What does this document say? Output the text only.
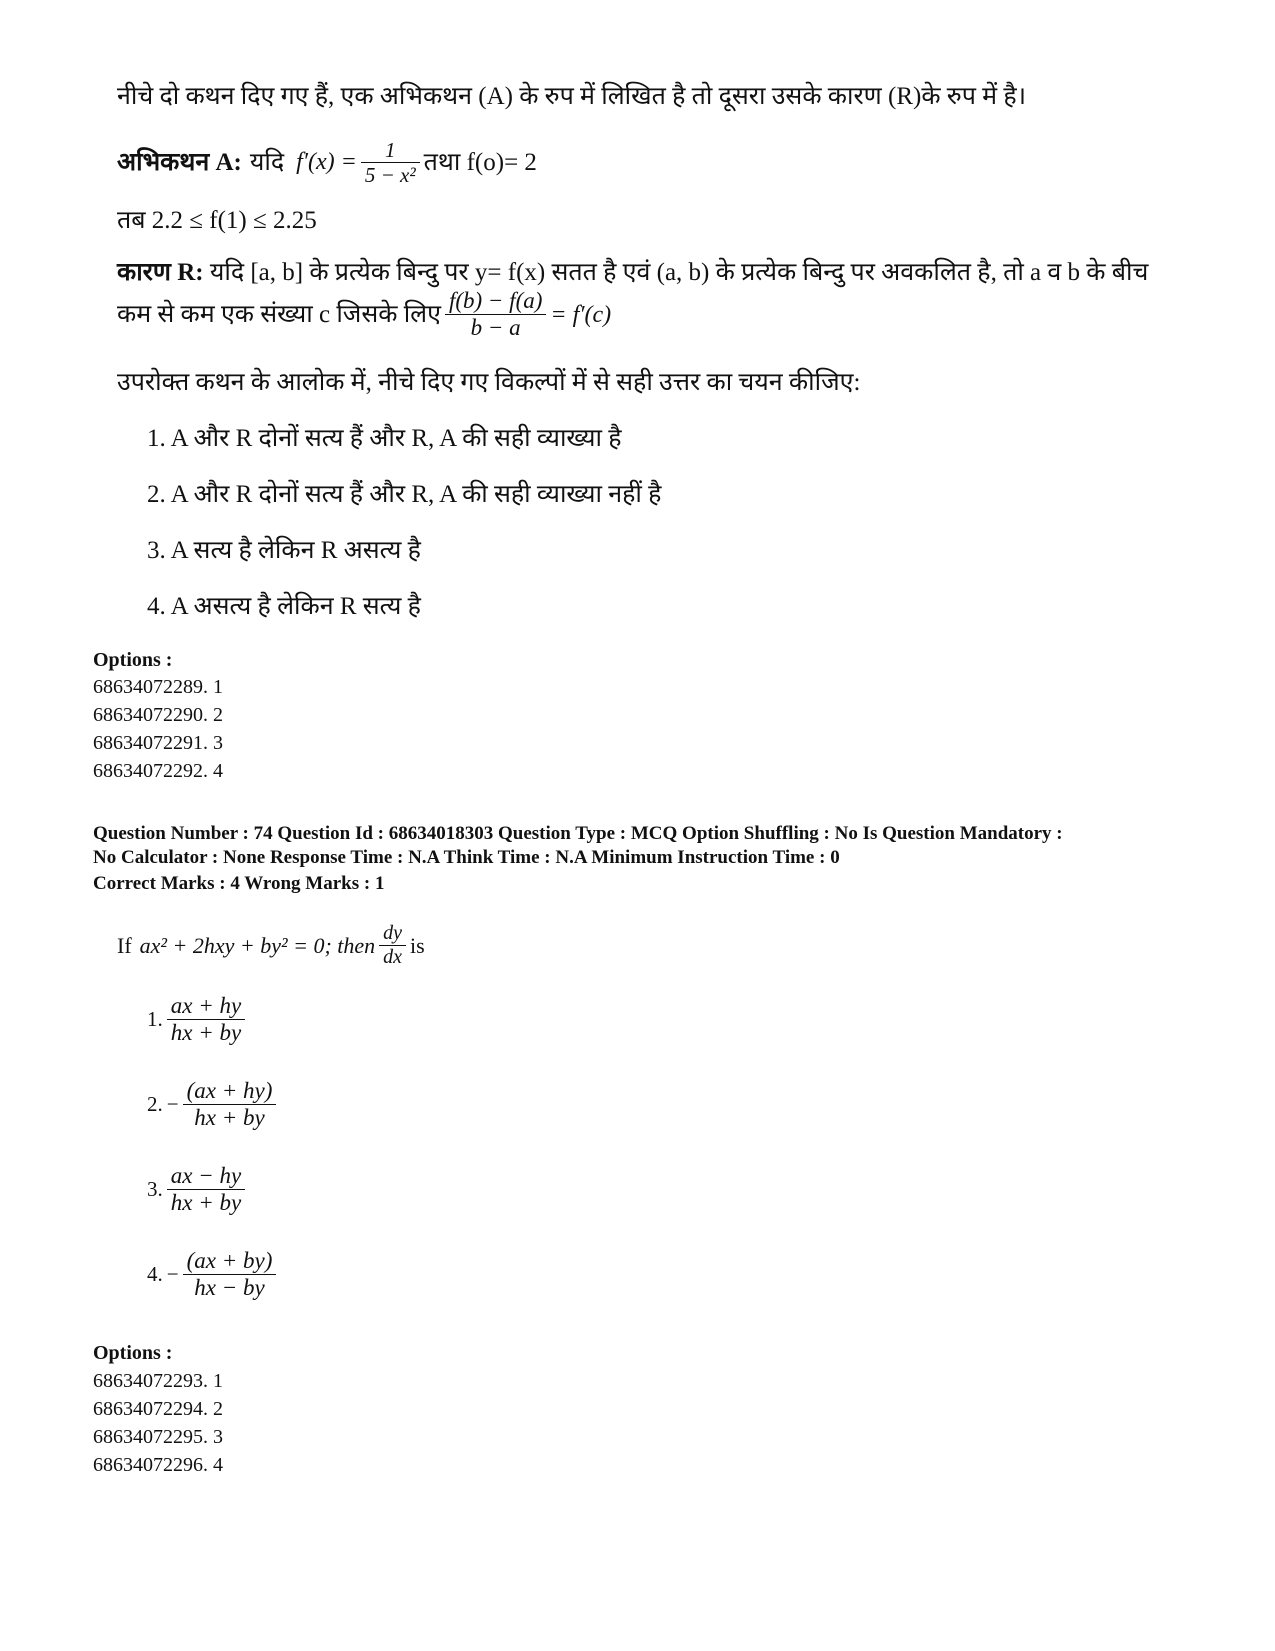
नीचे दो कथन दिए गए हैं, एक अभिकथन (A) के रुप में लिखित है तो दूसरा उसके कारण (R)के रुप में है।
अभिकथन A: यदि $f'(x) = \frac{1}{\text{5 − x²}}$ तथा f(o)= 2
तब 2.2 ≤ f(1) ≤ 2.25
कारण R: यदि [a, b] के प्रत्येक बिन्दु पर y= f(x) सतत है एवं (a, b) के प्रत्येक बिन्दु पर अवकलित है, तो a व b के बीच
कम से कम एक संख्या c जिसके लिए $\frac{f(b) - f(a)}{b - a} = f'(c)$
उपरोक्त कथन के आलोक में, नीचे दिए गए विकल्पों में से सही उत्तर का चयन कीजिए:
1. A और R दोनों सत्य हैं और R, A की सही व्याख्या है
2. A और R दोनों सत्य हैं और R, A की सही व्याख्या नहीं है
3. A सत्य है लेकिन R असत्य है
4. A असत्य है लेकिन R सत्य है
Options :
68634072289. 1
68634072290. 2
68634072291. 3
68634072292. 4
Question Number : 74 Question Id : 68634018303 Question Type : MCQ Option Shuffling : No Is Question Mandatory :
No Calculator : None Response Time : N.A Think Time : N.A Minimum Instruction Time : 0
Correct Marks : 4 Wrong Marks : 1
If ax² + 2hxy + by² = 0; then $\frac{dy}{dx}$ is
1. $\frac{ax + hy}{hx + by}$
2. − $\frac{(ax + hy)}{hx + by}$
3. $\frac{ax - hy}{hx + by}$
4. − $\frac{(ax + by)}{hx - by}$
Options :
68634072293. 1
68634072294. 2
68634072295. 3
68634072296. 4
